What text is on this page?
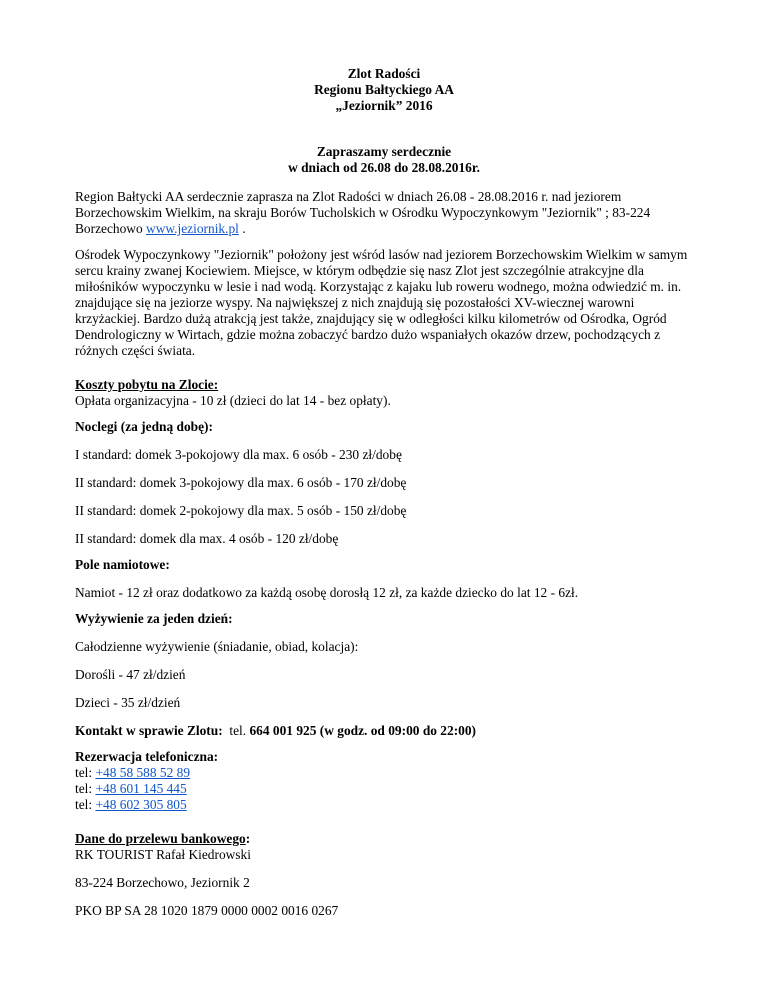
Zlot Radości

Regionu Bałtyckiego AA

„Jeziornik” 2016

Zapraszamy serdecznie

w dniach od 26.08 do 28.08.2016r.

Region Bałtycki AA serdecznie zaprasza na Zlot Radości w dniach 26.08 - 28.08.2016 r. nad jeziorem Borzechowskim Wielkim, na skraju Borów Tucholskich w Ośrodku Wypoczynkowym "Jeziornik" ; 83-224 Borzechowo www.jeziornik.pl .

Ośrodek Wypoczynkowy "Jeziornik" położony jest wśród lasów nad jeziorem Borzechowskim Wielkim w samym sercu krainy zwanej Kociewiem. Miejsce, w którym odbędzie się nasz Zlot jest szczególnie atrakcyjne dla miłośników wypoczynku w lesie i nad wodą. Korzystając z kajaku lub roweru wodnego, można odwiedzić m. in. znajdujące się na jeziorze wyspy. Na największej z nich znajdują się pozostałości XV-wiecznej warowni krzyżackiej. Bardzo dużą atrakcją jest także, znajdujący się w odległości kilku kilometrów od Ośrodka, Ogród Dendrologiczny w Wirtach, gdzie można zobaczyć bardzo dużo wspaniałych okazów drzew, pochodzących z różnych części świata.

Koszty pobytu na Zlocie:

Opłata organizacyjna - 10 zł (dzieci do lat 14 - bez opłaty).

Noclegi (za jedną dobę):

I standard: domek 3-pokojowy dla max. 6 osób - 230 zł/dobę

II standard: domek 3-pokojowy dla max. 6 osób - 170 zł/dobę

II standard: domek 2-pokojowy dla max. 5 osób - 150 zł/dobę

II standard: domek dla max. 4 osób - 120 zł/dobę

Pole namiotowe:

Namiot - 12 zł oraz dodatkowo za każdą osobę dorosłą 12 zł, za każde dziecko do lat 12 - 6zł.

Wyżywienie za jeden dzień:

Całodzienne wyżywienie (śniadanie, obiad, kolacja):

Dorośli - 47 zł/dzień

Dzieci - 35 zł/dzień

Kontakt w sprawie Zlotu: tel. 664 001 925 (w godz. od 09:00 do 22:00)

Rezerwacja telefoniczna:

tel: +48 58 588 52 89

tel: +48 601 145 445

tel: +48 602 305 805

Dane do przelewu bankowego:

RK TOURIST Rafał Kiedrowski

83-224 Borzechowo, Jeziornik 2

PKO BP SA 28 1020 1879 0000 0002 0016 0267
